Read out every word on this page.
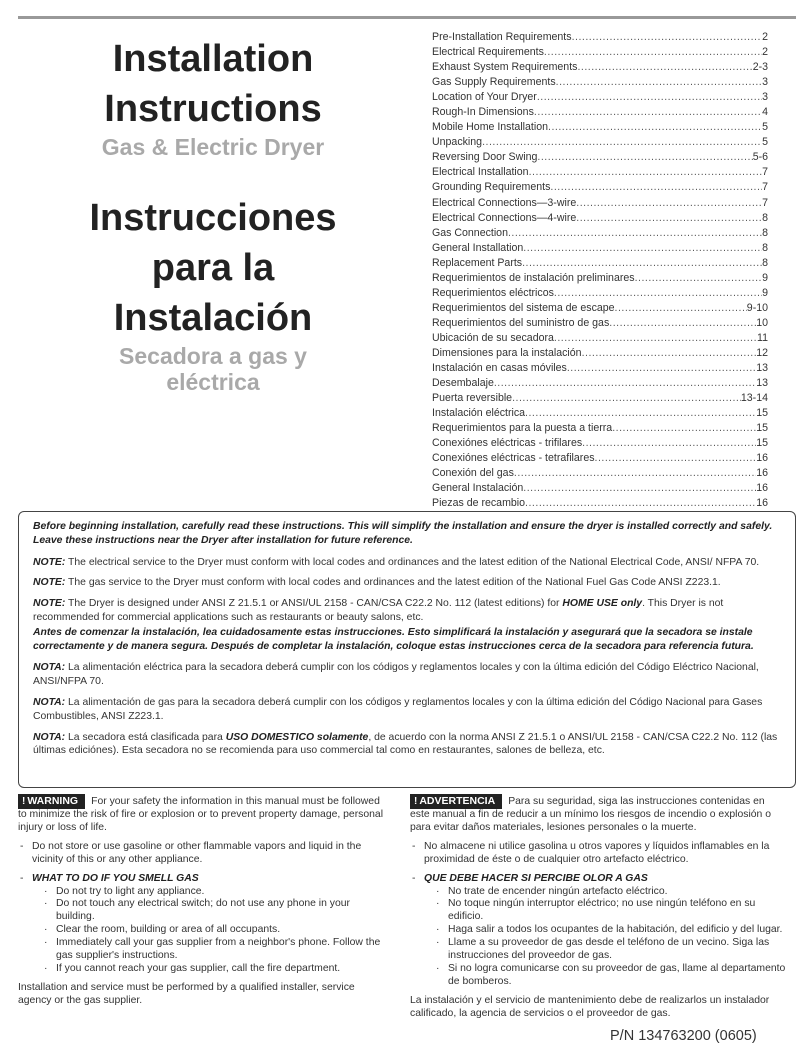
Installation
Instructions
Gas & Electric Dryer
Instrucciones
para la
Instalación
Secadora a gas y
eléctrica
Pre-Installation Requirements .....	2
Electrical Requirements .....	2
Exhaust System Requirements .....	2-3
Gas Supply Requirements .....	3
Location of Your Dryer .....	3
Rough-In Dimensions .....	4
Mobile Home Installation .....	5
Unpacking .....	5
Reversing Door Swing .....	5-6
Electrical Installation .....	7
Grounding Requirements .....	7
Electrical Connections—3-wire .....	7
Electrical Connections—4-wire .....	8
Gas Connection .....	8
General Installation .....	8
Replacement Parts .....	8
Requerimientos de instalación preliminares .....	9
Requerimientos eléctricos .....	9
Requerimientos del sistema de escape .....	9-10
Requerimientos del suministro de gas .....	10
Ubicación de su secadora .....	11
Dimensiones para la instalación .....	12
Instalación en casas móviles .....	13
Desembalaje .....	13
Puerta reversible .....	13-14
Instalación eléctrica .....	15
Requerimientos para la puesta a tierra .....	15
Conexiónes eléctricas - trifilares .....	15
Conexiónes eléctricas - tetrafilares .....	16
Conexión del gas .....	16
General Instalación .....	16
Piezas de recambio .....	16

Before beginning installation, carefully read these instructions. This will simplify the installation and ensure the dryer is installed correctly and safely. Leave these instructions near the Dryer after installation for future reference.

NOTE: The electrical service to the Dryer must conform with local codes and ordinances and the latest edition of the National Electrical Code, ANSI/ NFPA 70.

NOTE: The gas service to the Dryer must conform with local codes and ordinances and the latest edition of the National Fuel Gas Code ANSI Z223.1.

NOTE: The Dryer is designed under ANSI Z 21.5.1 or ANSI/UL 2158 - CAN/CSA C22.2 No. 112 (latest editions) for HOME USE only. This Dryer is not recommended for commercial applications such as restaurants or beauty salons, etc.

Antes de comenzar la instalación, lea cuidadosamente estas instrucciones. Esto simplificará la instalación y asegurará que la secadora se instale correctamente y de manera segura. Después de completar la instalación, coloque estas instrucciones cerca de la secadora para referencia futura.

NOTA: La alimentación eléctrica para la secadora deberá cumplir con los códigos y reglamentos locales y con la última edición del Código Eléctrico Nacional, ANSI/NFPA 70.

NOTA: La alimentación de gas para la secadora deberá cumplir con los códigos y reglamentos locales y con la última edición del Código Nacional para Gases Combustibles, ANSI Z223.1.

NOTA: La secadora está clasificada para USO DOMESTICO solamente, de acuerdo con la norma ANSI Z 21.5.1 o ANSI/UL 2158 - CAN/CSA C22.2 No. 112 (las últimas ediciónes). Esta secadora no se recomienda para uso commercial tal como en restaurantes, salones de belleza, etc.

! WARNING For your safety the information in this manual must be followed to minimize the risk of fire or explosion or to prevent property damage, personal injury or loss of life.

- Do not store or use gasoline or other flammable vapors and liquid in the vicinity of this or any other appliance.
- WHAT TO DO IF YOU SMELL GAS
· Do not try to light any appliance.
· Do not touch any electrical switch; do not use any phone in your building.
· Clear the room, building or area of all occupants.
· Immediately call your gas supplier from a neighbor's phone. Follow the gas supplier's instructions.
· If you cannot reach your gas supplier, call the fire department.

Installation and service must be performed by a qualified installer, service agency or the gas supplier.

! ADVERTENCIA Para su seguridad, siga las instrucciones contenidas en este manual a fin de reducir a un mínimo los riesgos de incendio o explosión o para evitar daños materiales, lesiones personales o la muerte.

- No almacene ni utilice gasolina u otros vapores y líquidos inflamables en la proximidad de éste o de cualquier otro artefacto eléctrico.
- QUE DEBE HACER SI PERCIBE OLOR A GAS
· No trate de encender ningún artefacto eléctrico.
· No toque ningún interruptor eléctrico; no use ningún teléfono en su edificio.
· Haga salir a todos los ocupantes de la habitación, del edificio y del lugar.
· Llame a su proveedor de gas desde el teléfono de un vecino. Siga las instrucciones del proveedor de gas.
· Si no logra comunicarse con su proveedor de gas, llame al departamento de bomberos.

La instalación y el servicio de mantenimiento debe de realizarlos un instalador calificado, la agencia de servicios o el proveedor de gas.

P/N 134763200 (0605)
